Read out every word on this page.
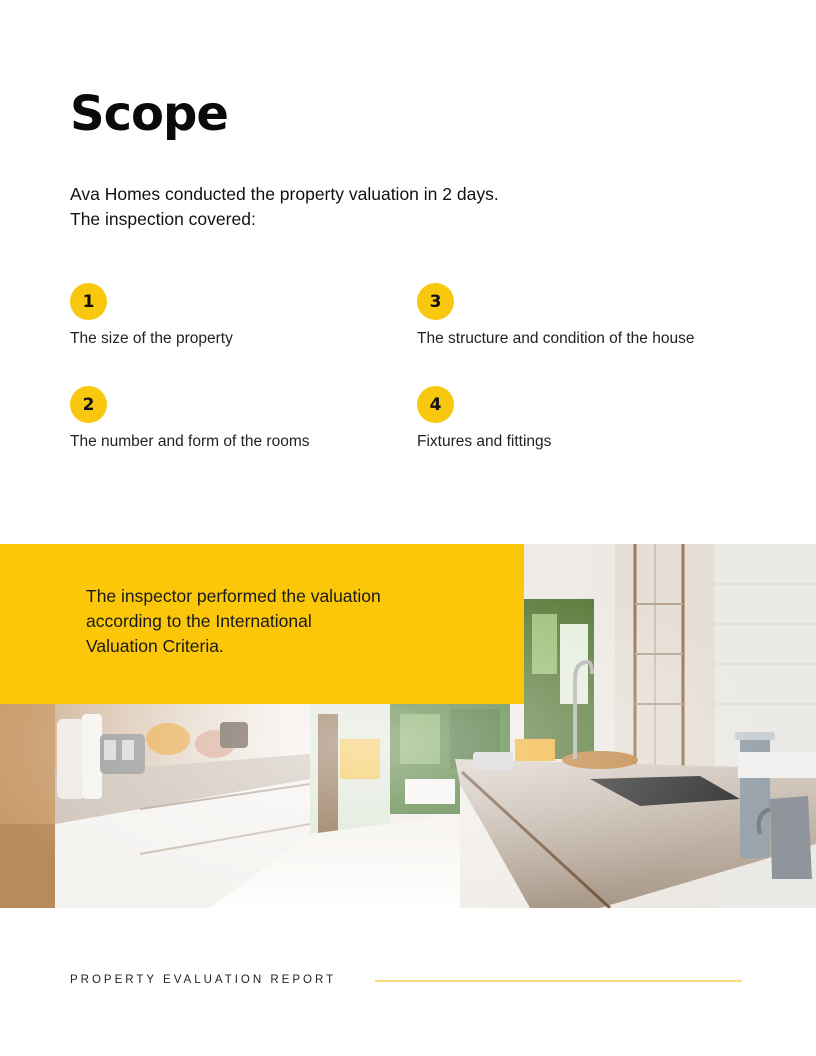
Scope
Ava Homes conducted the property valuation in 2 days.
The inspection covered:
1
The size of the property
2
The number and form of the rooms
3
The structure and condition of the house
4
Fixtures and fittings
The inspector performed the valuation
according to the International
Valuation Criteria.
PROPERTY EVALUATION REPORT
